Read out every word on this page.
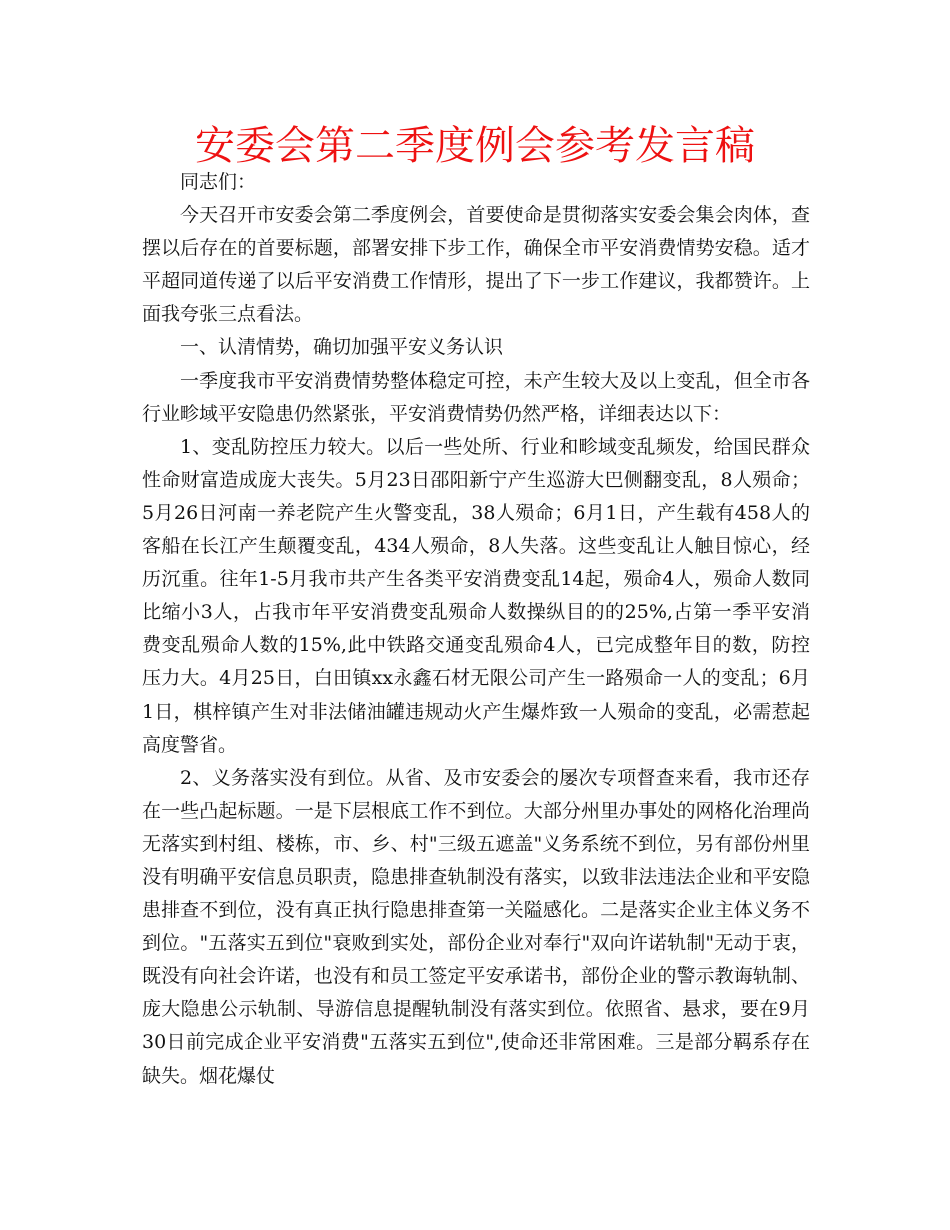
安委会第二季度例会参考发言稿

同志们：

今天召开市安委会第二季度例会，首要使命是贯彻落实安委会集会肉体，查摆以后存在的首要标题，部署安排下步工作，确保全市平安消费情势安稳。适才平超同道传递了以后平安消费工作情形，提出了下一步工作建议，我都赞许。上面我夸张三点看法。

一、认清情势，确切加强平安义务认识

一季度我市平安消费情势整体稳定可控，未产生较大及以上变乱，但全市各行业畛域平安隐患仍然紧张，平安消费情势仍然严格，详细表达以下：

1、变乱防控压力较大。以后一些处所、行业和畛域变乱频发，给国民群众性命财富造成庞大丧失。5月23日邵阳新宁产生巡游大巴侧翻变乱，8人殒命；5月26日河南一养老院产生火警变乱，38人殒命；6月1日，产生载有458人的客船在长江产生颠覆变乱，434人殒命，8人失落。这些变乱让人触目惊心，经历沉重。往年1-5月我市共产生各类平安消费变乱14起，殒命4人，殒命人数同比缩小3人，占我市年平安消费变乱殒命人数操纵目的的25%,占第一季平安消费变乱殒命人数的15%,此中铁路交通变乱殒命4人，已完成整年目的数，防控压力大。4月25日，白田镇xx永鑫石材无限公司产生一路殒命一人的变乱；6月1日，棋梓镇产生对非法储油罐违规动火产生爆炸致一人殒命的变乱，必需惹起高度警省。

2、义务落实没有到位。从省、及市安委会的屡次专项督查来看，我市还存在一些凸起标题。一是下层根底工作不到位。大部分州里办事处的网格化治理尚无落实到村组、楼栋，市、乡、村"三级五遮盖"义务系统不到位，另有部份州里没有明确平安信息员职责，隐患排查轨制没有落实，以致非法违法企业和平安隐患排查不到位，没有真正执行隐患排查第一关隘感化。二是落实企业主体义务不到位。"五落实五到位"衰败到实处，部份企业对奉行"双向许诺轨制"无动于衷，既没有向社会许诺，也没有和员工签定平安承诺书，部份企业的警示教诲轨制、庞大隐患公示轨制、导游信息提醒轨制没有落实到位。依照省、悬求，要在9月30日前完成企业平安消费"五落实五到位",使命还非常困难。三是部分羁系存在缺失。烟花爆仗
